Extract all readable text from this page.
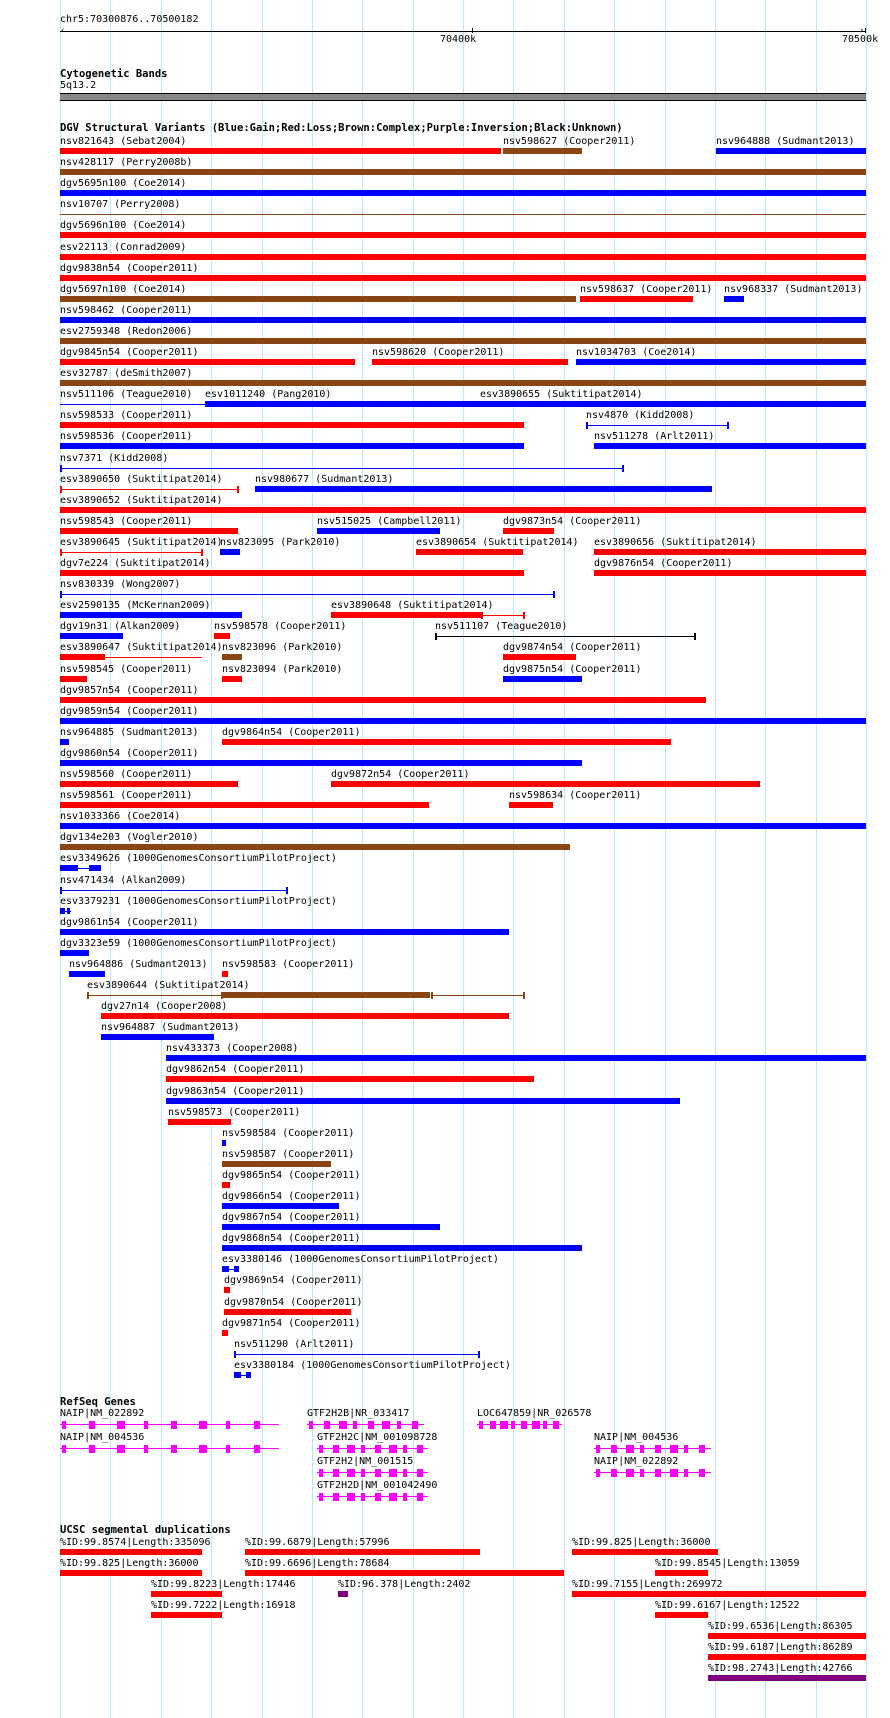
chr5:70300876..70500182
‹	›
70400k	70500k
Cytogenetic Bands
5q13.2
DGV Structural Variants (Blue:Gain;Red:Loss;Brown:Complex;Purple:Inversion;Black:Unknown)
nsv821643 (Sebat2004)	nsv598627 (Cooper2011)	nsv964888 (Sudmant2013)
nsv428117 (Perry2008b)
dgv5695n100 (Coe2014)
nsv10707 (Perry2008)
dgv5696n100 (Coe2014)
esv22113 (Conrad2009)
dgv9838n54 (Cooper2011)
dgv5697n100 (Coe2014)	nsv598637 (Cooper2011) nsv968337 (Sudmant2013)
nsv598462 (Cooper2011)
esv2759348 (Redon2006)
dgv9845n54 (Cooper2011)	nsv598620 (Cooper2011)	nsv1034703 (Coe2014)
esv32787 (deSmith2007)
nsv511106 (Teague2010) esv1011240 (Pang2010)	esv3890655 (Suktitipat2014)
nsv598533 (Cooper2011)	nsv4870 (Kidd2008)
nsv598536 (Cooper2011)	nsv511278 (Arlt2011)
nsv7371 (Kidd2008)
esv3890650 (Suktitipat2014)	nsv980677 (Sudmant2013)
esv3890652 (Suktitipat2014)
nsv598543 (Cooper2011)	nsv515025 (Campbell2011)	dgv9873n54 (Cooper2011)
esv3890645 (Suktitipat2014)
nsv823095 (Park2010)	esv3890654 (Suktitipat2014) esv3890656 (Suktitipat2014)
dgv7e224 (Suktitipat2014)	dgv9876n54 (Cooper2011)
nsv830339 (Wong2007)
esv2590135 (McKernan2009)	esv3890648 (Suktitipat2014)
dgv19n31 (Alkan2009)	nsv598578 (Cooper2011)	nsv511107 (Teague2010)
esv3890647 (Suktitipat2014) nsv823096 (Park2010)	dgv9874n54 (Cooper2011)
nsv598545 (Cooper2011)	nsv823094 (Park2010)	dgv9875n54 (Cooper2011)
dgv9857n54 (Cooper2011)
dgv9859n54 (Cooper2011)
nsv964885 (Sudmant2013) dgv9864n54 (Cooper2011)
dgv9860n54 (Cooper2011)
nsv598560 (Cooper2011)	dgv9872n54 (Cooper2011)
nsv598561 (Cooper2011)	nsv598634 (Cooper2011)
nsv1033366 (Coe2014)
dgv134e203 (Vogler2010)
esv3349626 (1000GenomesConsortiumPilotProject)
nsv471434 (Alkan2009)
esv3379231 (1000GenomesConsortiumPilotProject)
dgv9861n54 (Cooper2011)
dgv3323e59 (1000GenomesConsortiumPilotProject)
nsv964886 (Sudmant2013) nsv598583 (Cooper2011)
esv3890644 (Suktitipat2014)
dgv27n14 (Cooper2008)
nsv964887 (Sudmant2013)
nsv433373 (Cooper2008)
dgv9862n54 (Cooper2011)
dgv9863n54 (Cooper2011)
nsv598573 (Cooper2011)
nsv598584 (Cooper2011)
nsv598587 (Cooper2011)
dgv9865n54 (Cooper2011)
dgv9866n54 (Cooper2011)
dgv9867n54 (Cooper2011)
dgv9868n54 (Cooper2011)
esv3380146 (1000GenomesConsortiumPilotProject)
dgv9869n54 (Cooper2011)
dgv9870n54 (Cooper2011)
dgv9871n54 (Cooper2011)
nsv511290 (Arlt2011)
esv3380184 (1000GenomesConsortiumPilotProject)
RefSeq Genes
NAIP|NM_022892	GTF2H2B|NR_033417	LOC647859|NR_026578
NAIP|NM_004536	GTF2H2C|NM_001098728	NAIP|NM_004536
GTF2H2|NM_001515	NAIP|NM_022892
GTF2H2D|NM_001042490
UCSC segmental duplications
%ID:99.8574|Length:335096	%ID:99.6879|Length:57996	%ID:99.825|Length:36000
%ID:99.825|Length:36000	%ID:99.6696|Length:78684	%ID:99.8545|Length:13059
%ID:99.8223|Length:17446	%ID:96.378|Length:2402	%ID:99.7155|Length:269972
%ID:99.7222|Length:16918	%ID:99.6167|Length:12522
%ID:99.6536|Length:86305
%ID:99.6187|Length:86289
%ID:98.2743|Length:42766
